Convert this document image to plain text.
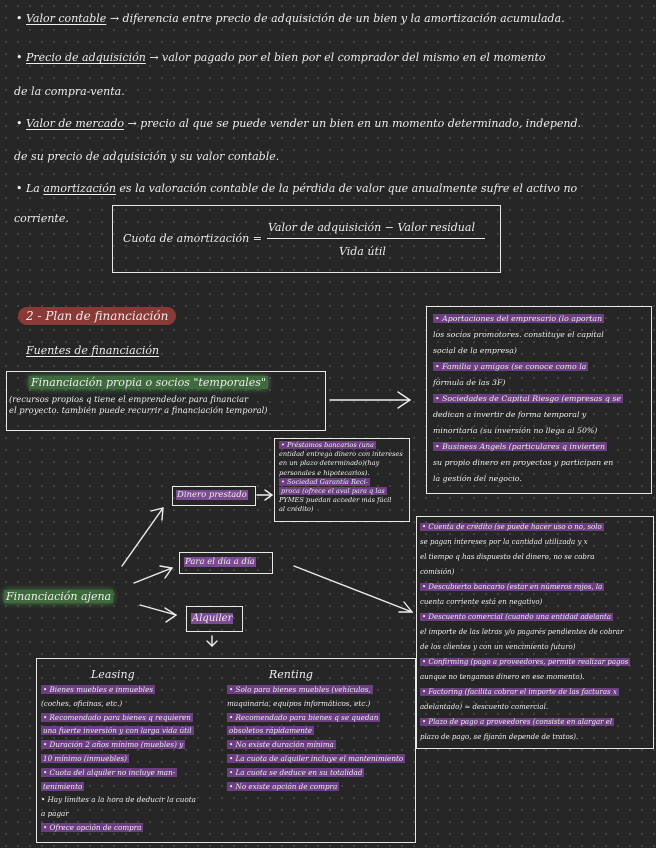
• Valor contable → diferencia entre precio de adquisición de un bien y la amortización acumulada.
• Precio de adquisición → valor pagado por el bien por el comprador del mismo en el momento
de la compra-venta.
• Valor de mercado → precio al que se puede vender un bien en un momento determinado, independ.
de su precio de adquisición y su valor contable.
• La amortización es la valoración contable de la pérdida de valor que anualmente sufre el activo no
corriente.
Cuota de amortización =
Valor de adquisición − Valor residual
Vida útil
2 - Plan de financiación
Fuentes de financiación
Financiación propia o socios "temporales"
(recursos propios q tiene el emprendedor para financiar
el proyecto. también puede recurrir a financiación temporal)
• Aportaciones del empresario (lo aportan
los socios promotores. constituye el capital
social de la empresa)
• Familia y amigos (se conoce como la
fórmula de las 3F)
• Sociedades de Capital Riesgo (empresas q se
dedican a invertir de forma temporal y
minoritaria (su inversión no llega al 50%)
• Business Angels (particulares q invierten
su propio dinero en proyectos y participan en
la gestión del negocio.
Financiación ajena
Dinero prestado
Para el día a día
Alquiler
• Préstamos bancarios (una
entidad entrega dinero con intereses
en un plazo determinado)(hay
personales e hipotecarios).
• Sociedad Garantía Recí-
proca (ofrece el aval para q las
PYMES puedan acceder más fácil
al crédito)
• Cuenta de crédito (se puede hacer uso o no, solo
se pagan intereses por la cantidad utilizada y x
el tiempo q has dispuesto del dinero, no se cobra
comisión)
• Descubierto bancario (estar en números rojos, la
cuenta corriente está en negativo)
• Descuento comercial (cuando una entidad adelanta
el importe de las letras y/o pagarés pendientes de cobrar
de los clientes y con un vencimiento futuro)
• Confirming (pago a proveedores, permite realizar pagos
aunque no tengamos dinero en ese momento).
• Factoring (facilita cobrar el importe de las facturas x
adelantado) ≈ descuento comercial.
• Plazo de pago a proveedores (consiste en alargar el
plazo de pago, se fijarán depende de tratos).
Leasing
• Bienes muebles e inmuebles
(coches, oficinas, etc.)
• Recomendado para bienes q requieren
una fuerte inversión y con larga vida útil
• Duración 2 años mínimo (muebles) y
10 mínimo (inmuebles)
• Cuota del alquiler no incluye man-
tenimiento
• Hay límites a la hora de deducir la cuota
a pagar
• Ofrece opción de compra
Renting
• Solo para bienes muebles (vehículos,
maquinaria, equipos informáticos, etc.)
• Recomendado para bienes q se quedan
obsoletos rápidamente
• No existe duración mínima
• La cuota de alquiler incluye el mantenimiento
• La cuota se deduce en su totalidad
• No existe opción de compra
